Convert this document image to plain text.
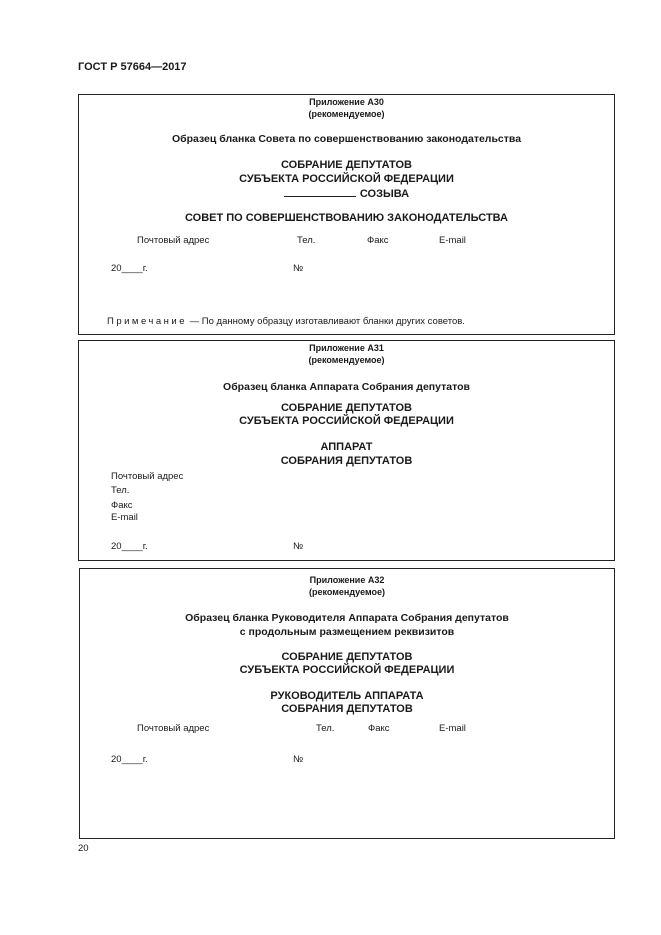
ГОСТ Р 57664—2017
Приложение А30
(рекомендуемое)
Образец бланка Совета по совершенствованию законодательства
СОБРАНИЕ ДЕПУТАТОВ
СУБЪЕКТА РОССИЙСКОЙ ФЕДЕРАЦИИ
СОЗЫВА
СОВЕТ ПО СОВЕРШЕНСТВОВАНИЮ ЗАКОНОДАТЕЛЬСТВА
Почтовый адрес	Тел.	Факс	E-mail
20____г.	№
Примечание — По данному образцу изготавливают бланки других советов.
Приложение А31
(рекомендуемое)
Образец бланка Аппарата Собрания депутатов
СОБРАНИЕ ДЕПУТАТОВ
СУБЪЕКТА РОССИЙСКОЙ ФЕДЕРАЦИИ
АППАРАТ
СОБРАНИЯ ДЕПУТАТОВ
Почтовый адрес
Тел.
Факс
E-mail
20____г.	№
Приложение А32
(рекомендуемое)
Образец бланка Руководителя Аппарата Собрания депутатов
с продольным размещением реквизитов
СОБРАНИЕ ДЕПУТАТОВ
СУБЪЕКТА РОССИЙСКОЙ ФЕДЕРАЦИИ
РУКОВОДИТЕЛЬ АППАРАТА
СОБРАНИЯ ДЕПУТАТОВ
Почтовый адрес	Тел.	Факс	E-mail
20____г.	№
20
